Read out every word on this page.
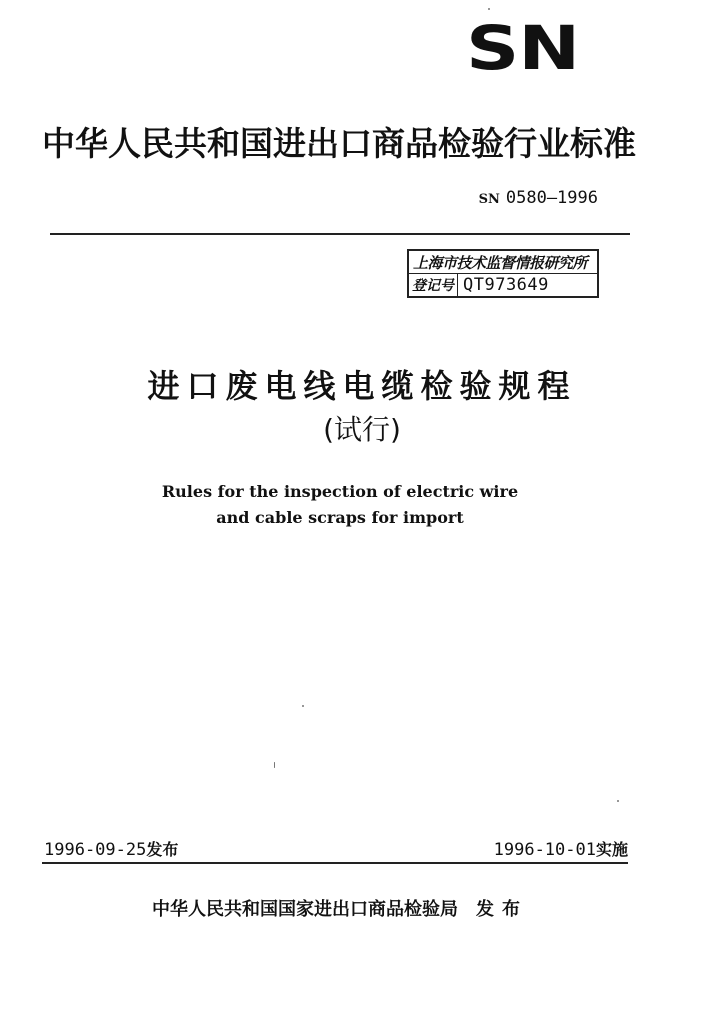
SN
中华人民共和国进出口商品检验行业标准
SN 0580—1996
上海市技术监督情报研究所
登记号 QT973649
进口废电线电缆检验规程
(试行)
Rules for the inspection of electric wire
and cable scraps for import
1996-09-25发布	1996-10-01实施
中华人民共和国国家进出口商品检验局 发布
